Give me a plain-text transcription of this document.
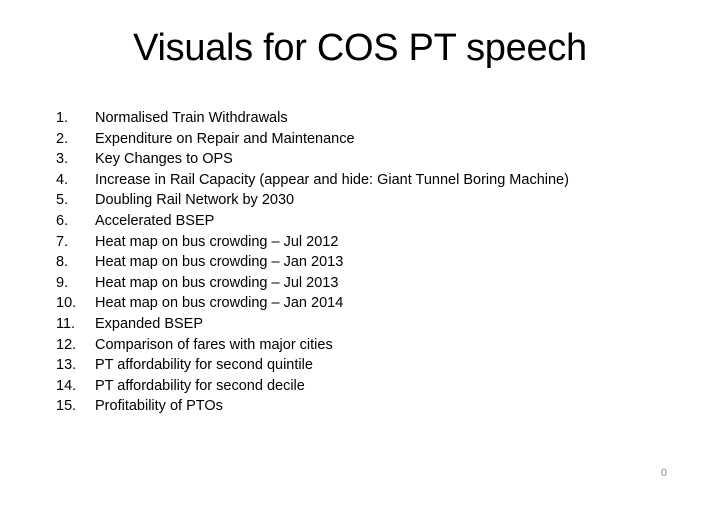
Visuals for COS PT speech
1.	Normalised Train Withdrawals
2.	Expenditure on Repair and Maintenance
3.	Key Changes to OPS
4.	Increase in Rail Capacity (appear and hide: Giant Tunnel Boring Machine)
5.	Doubling Rail Network by 2030
6.	Accelerated BSEP
7.	Heat map on bus crowding – Jul 2012
8.	Heat map on bus crowding – Jan 2013
9.	Heat map on bus crowding – Jul 2013
10.	Heat map on bus crowding – Jan 2014
11.	Expanded BSEP
12.	Comparison of fares with major cities
13.	PT affordability for second quintile
14.	PT affordability for second decile
15.	Profitability of PTOs
0
